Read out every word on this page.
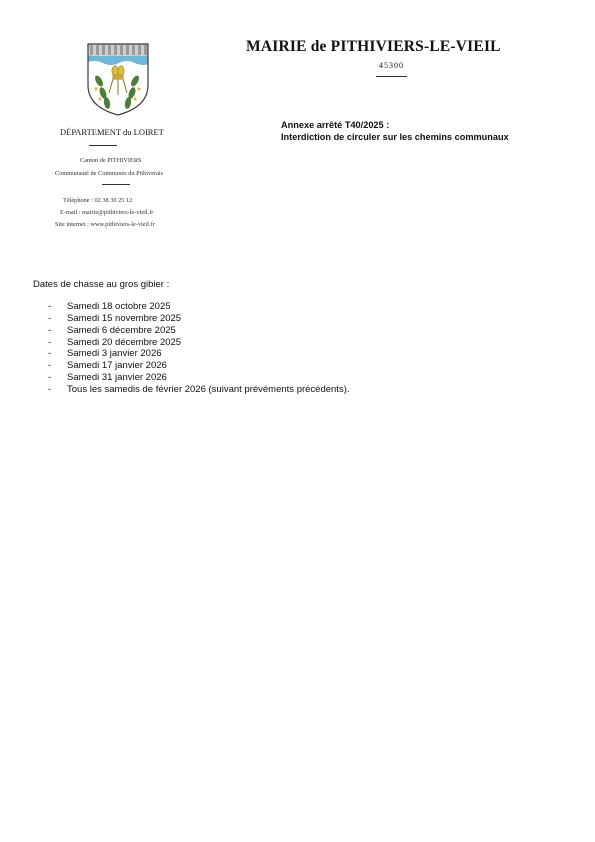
MAIRIE de PITHIVIERS-LE-VIEIL
45300
DÉPARTEMENT du LOIRET
Canton de PITHIVIERS
Communauté de Communes du Pithiverais
Téléphone : 02 38 30 25 12
E-mail : mairie@pithiviers-le-vieil.fr
Site internet : www.pithiviers-le-vieil.fr
Annexe arrêté T40/2025 :
Interdiction de circuler sur les chemins communaux
Dates de chasse au gros gibier :
- Samedi 18 octobre 2025
- Samedi 15 novembre 2025
- Samedi 6 décembre 2025
- Samedi 20 décembre 2025
- Samedi 3 janvier 2026
- Samedi 17 janvier 2026
- Samedi 31 janvier 2026
- Tous les samedis de février 2026 (suivant prévéments précédents).
